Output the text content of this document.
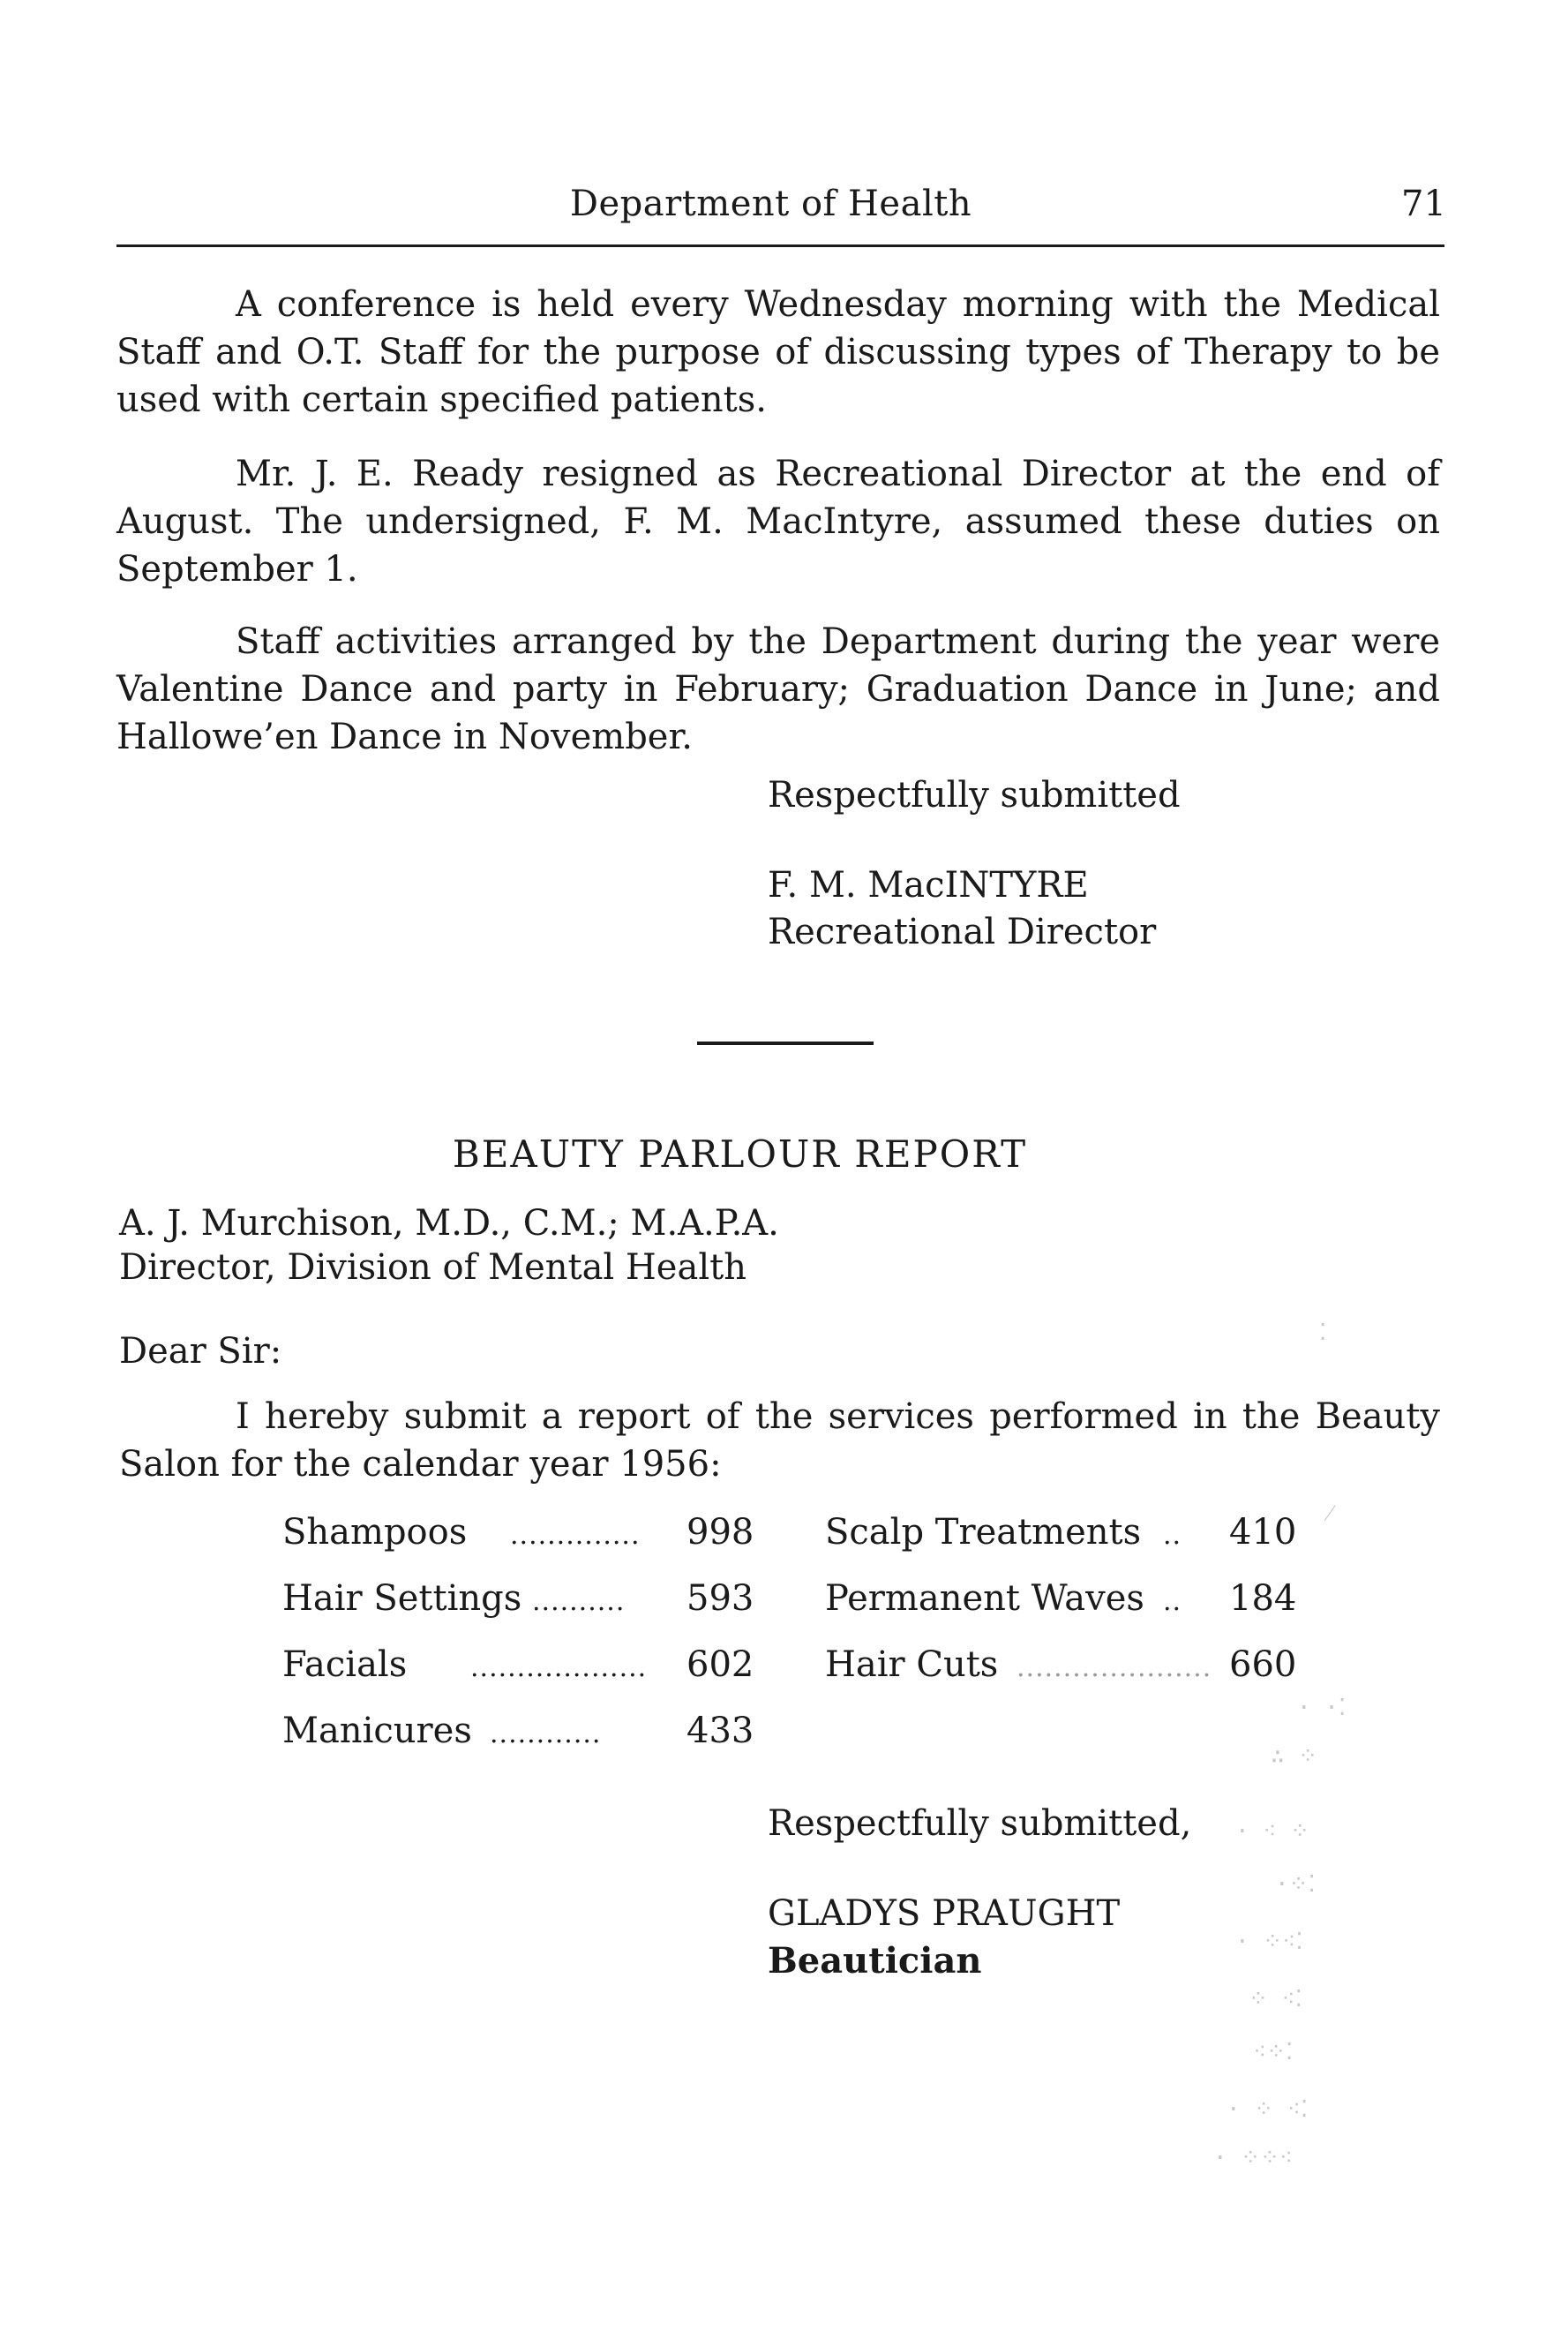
Department of Health	71
A conference is held every Wednesday morning with the Medical Staff and O.T. Staff for the purpose of discussing types of Therapy to be used with certain specified patients.
Mr. J. E. Ready resigned as Recreational Director at the end of August. The undersigned, F. M. MacIntyre, assumed these duties on September 1.
Staff activities arranged by the Department during the year were Valentine Dance and party in February; Graduation Dance in June; and Hallowe’en Dance in November.
Respectfully submitted
F. M. MacINTYRE
Recreational Director
BEAUTY PARLOUR REPORT
A. J. Murchison, M.D., C.M.; M.A.P.A.
Director, Division of Mental Health
Dear Sir:
I hereby submit a report of the services performed in the Beauty Salon for the calendar year 1956:
Shampoos .............. 998
Hair Settings .......... 593
Facials ................... 602
Manicures ............ 433
Scalp Treatments .. 410
Permanent Waves .. 184
Hair Cuts ..................... 660
Respectfully submitted,
GLADYS PRAUGHT
Beautician
⁚
⁄
· ·⁚
∴ ⁘
· ⁖ ⁘
·⁘⁚
· ⁘⁖⁚
⁘ ⁖⁚
⁖⁘⁚
· ⁘ ⁖⁚
· ⁘⁘⁖
